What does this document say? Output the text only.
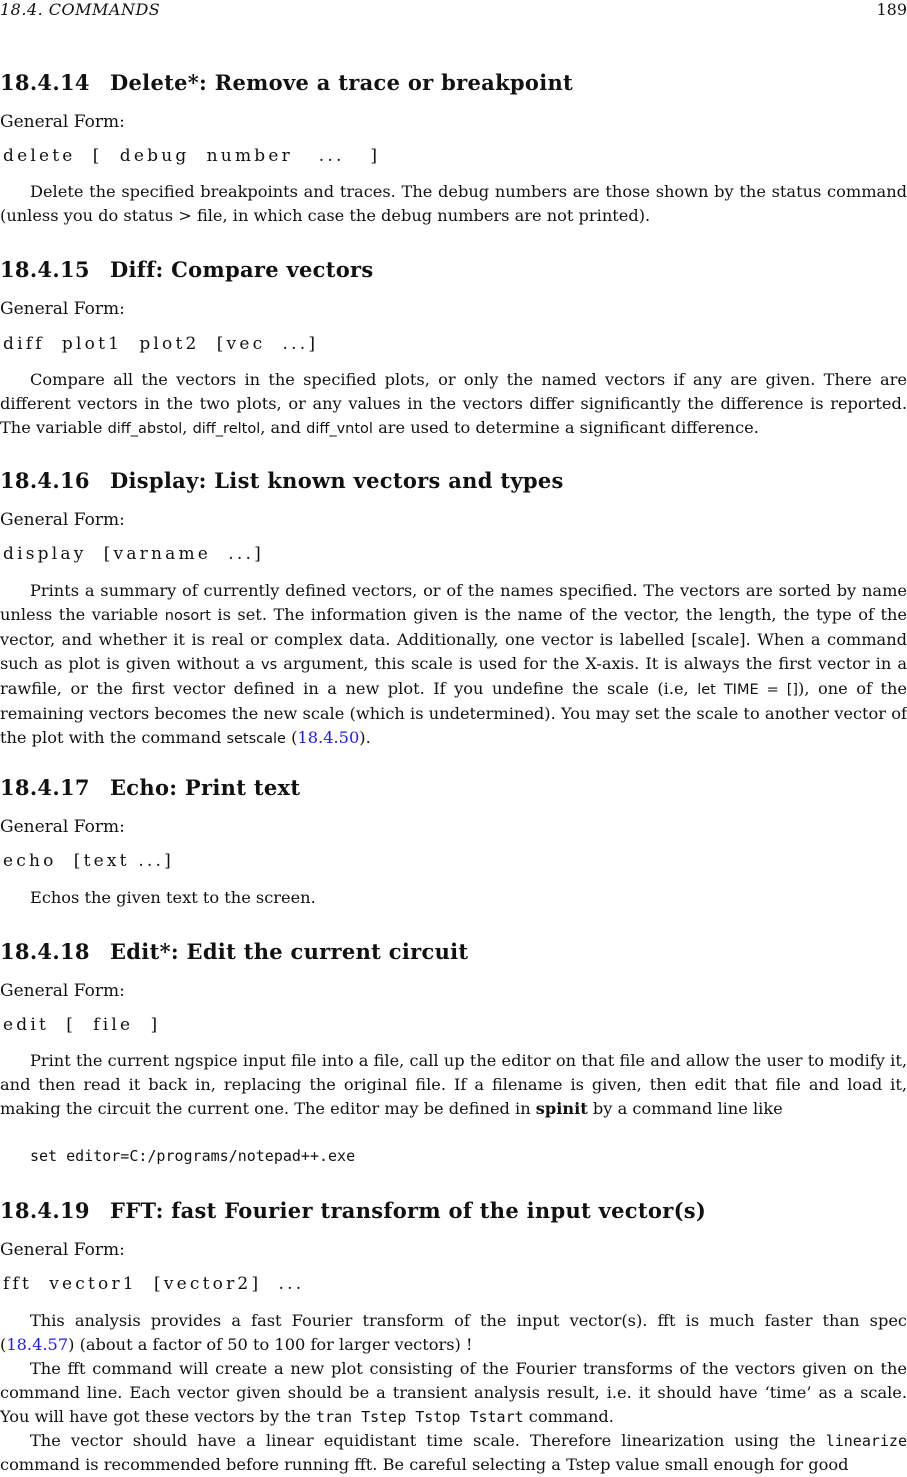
18.4. COMMANDS	189
18.4.14 Delete*: Remove a trace or breakpoint
General Form:
delete  [  debug  number   ...   ]

Delete the specified breakpoints and traces. The debug numbers are those shown by the status command (unless you do status > file, in which case the debug numbers are not printed).

18.4.15 Diff: Compare vectors
General Form:
diff  plot1  plot2  [vec  ...]

Compare all the vectors in the specified plots, or only the named vectors if any are given. There are different vectors in the two plots, or any values in the vectors differ significantly the difference is reported. The variable diff_abstol, diff_reltol, and diff_vntol are used to determine a significant difference.

18.4.16 Display: List known vectors and types
General Form:
display  [varname  ...]

Prints a summary of currently defined vectors, or of the names specified. The vectors are sorted by name unless the variable nosort is set. The information given is the name of the vector, the length, the type of the vector, and whether it is real or complex data. Additionally, one vector is labelled [scale]. When a command such as plot is given without a vs argument, this scale is used for the X-axis. It is always the first vector in a rawfile, or the first vector defined in a new plot. If you undefine the scale (i.e, let TIME = []), one of the remaining vectors becomes the new scale (which is undetermined). You may set the scale to another vector of the plot with the command setscale (18.4.50).

18.4.17 Echo: Print text
General Form:
echo  [text ...]

Echos the given text to the screen.

18.4.18 Edit*: Edit the current circuit
General Form:
edit  [  file  ]

Print the current ngspice input file into a file, call up the editor on that file and allow the user to modify it, and then read it back in, replacing the original file. If a filename is given, then edit that file and load it, making the circuit the current one. The editor may be defined in spinit by a command line like

set editor=C:/programs/notepad++.exe
18.4.19 FFT: fast Fourier transform of the input vector(s)
General Form:
fft  vector1  [vector2]  ...

This analysis provides a fast Fourier transform of the input vector(s). fft is much faster than spec (18.4.57) (about a factor of 50 to 100 for larger vectors) !

The fft command will create a new plot consisting of the Fourier transforms of the vectors given on the command line. Each vector given should be a transient analysis result, i.e. it should have ‘time’ as a scale. You will have got these vectors by the tran Tstep Tstop Tstart command.

The vector should have a linear equidistant time scale. Therefore linearization using the linearize command is recommended before running fft. Be careful selecting a Tstep value small enough for good
